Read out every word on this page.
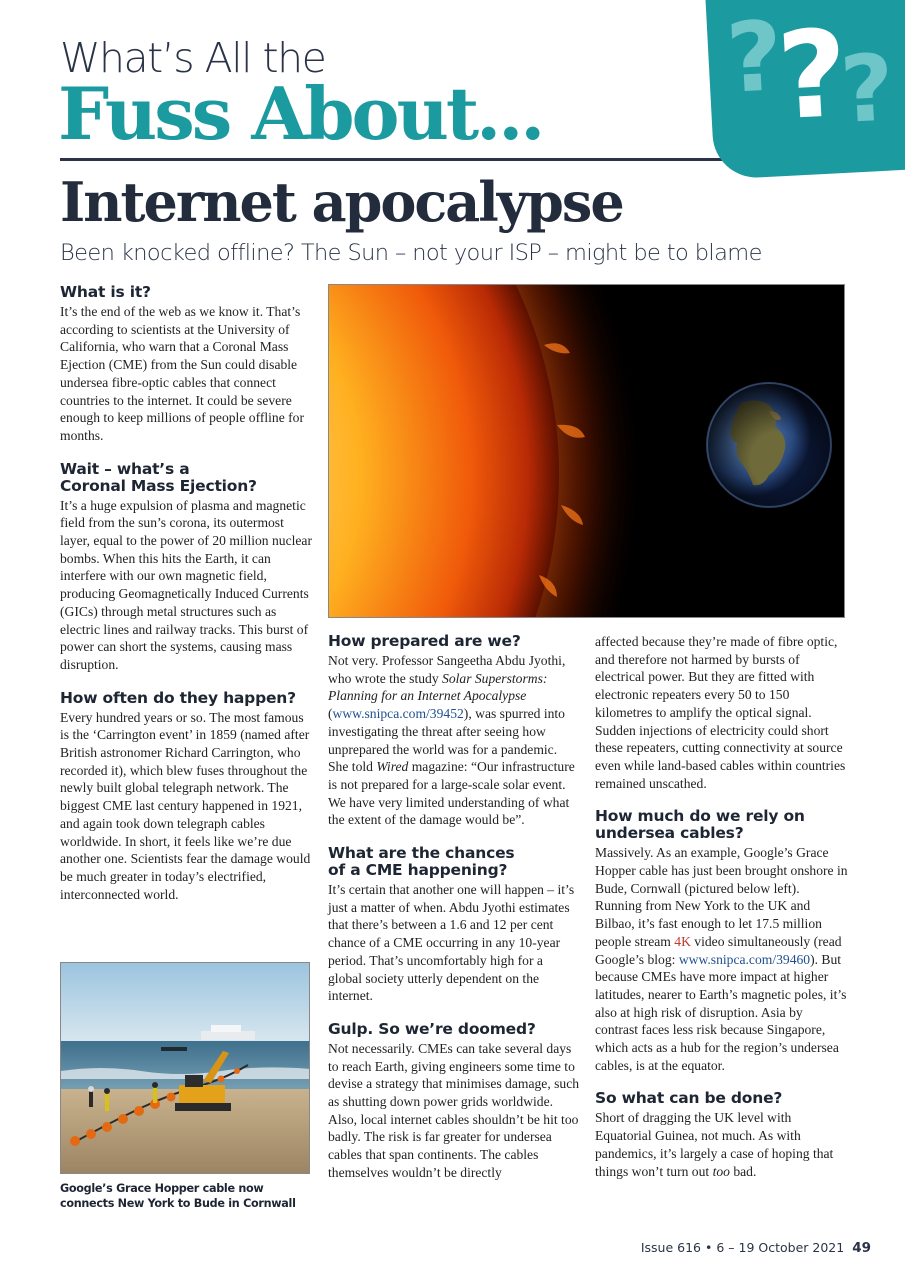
What’s All the
Fuss About... ?
?
?
Internet apocalypse
Been knocked offline? The Sun – not your ISP – might be to blame
What is it?

It’s the end of the web as we know it. That’s according to scientists at the University of California, who warn that a Coronal Mass Ejection (CME) from the Sun could disable undersea fibre-optic cables that connect countries to the internet. It could be severe enough to keep millions of people offline for months.

Wait – what’s a
Coronal Mass Ejection?

It’s a huge expulsion of plasma and magnetic field from the sun’s corona, its outermost layer, equal to the power of 20 million nuclear bombs. When this hits the Earth, it can interfere with our own magnetic field, producing Geomagnetically Induced Currents (GICs) through metal structures such as electric lines and railway tracks. This burst of power can short the systems, causing mass disruption.

How often do they happen?

Every hundred years or so. The most famous is the ‘Carrington event’ in 1859 (named after British astronomer Richard Carrington, who recorded it), which blew fuses throughout the newly built global telegraph network. The biggest CME last century happened in 1921, and again took down telegraph cables worldwide. In short, it feels like we’re due another one. Scientists fear the damage would be much greater in today’s electrified, interconnected world.

Google’s Grace Hopper cable now connects New York to Bude in Cornwall
How prepared are we?

Not very. Professor Sangeetha Abdu Jyothi, who wrote the study Solar Superstorms: Planning for an Internet Apocalypse (www.snipca.com/39452), was spurred into investigating the threat after seeing how unprepared the world was for a pandemic. She told Wired magazine: “Our infrastructure is not prepared for a large-scale solar event. We have very limited understanding of what the extent of the damage would be”.

What are the chances
of a CME happening?

It’s certain that another one will happen – it’s just a matter of when. Abdu Jyothi estimates that there’s between a 1.6 and 12 per cent chance of a CME occurring in any 10-year period. That’s uncomfortably high for a global society utterly dependent on the internet.

Gulp. So we’re doomed?

Not necessarily. CMEs can take several days to reach Earth, giving engineers some time to devise a strategy that minimises damage, such as shutting down power grids worldwide. Also, local internet cables shouldn’t be hit too badly. The risk is far greater for undersea cables that span continents. The cables themselves wouldn’t be directly

affected because they’re made of fibre optic, and therefore not harmed by bursts of electrical power. But they are fitted with electronic repeaters every 50 to 150 kilometres to amplify the optical signal. Sudden injections of electricity could short these repeaters, cutting connectivity at source even while land-based cables within countries remained unscathed.

How much do we rely on
undersea cables?

Massively. As an example, Google’s Grace Hopper cable has just been brought onshore in Bude, Cornwall (pictured below left). Running from New York to the UK and Bilbao, it’s fast enough to let 17.5 million people stream 4K video simultaneously (read Google’s blog: www.snipca.com/39460). But because CMEs have more impact at higher latitudes, nearer to Earth’s magnetic poles, it’s also at high risk of disruption. Asia by contrast faces less risk because Singapore, which acts as a hub for the region’s undersea cables, is at the equator.

So what can be done?

Short of dragging the UK level with Equatorial Guinea, not much. As with pandemics, it’s largely a case of hoping that things won’t turn out too bad.

Issue 616 • 6 – 19 October 2021 49
